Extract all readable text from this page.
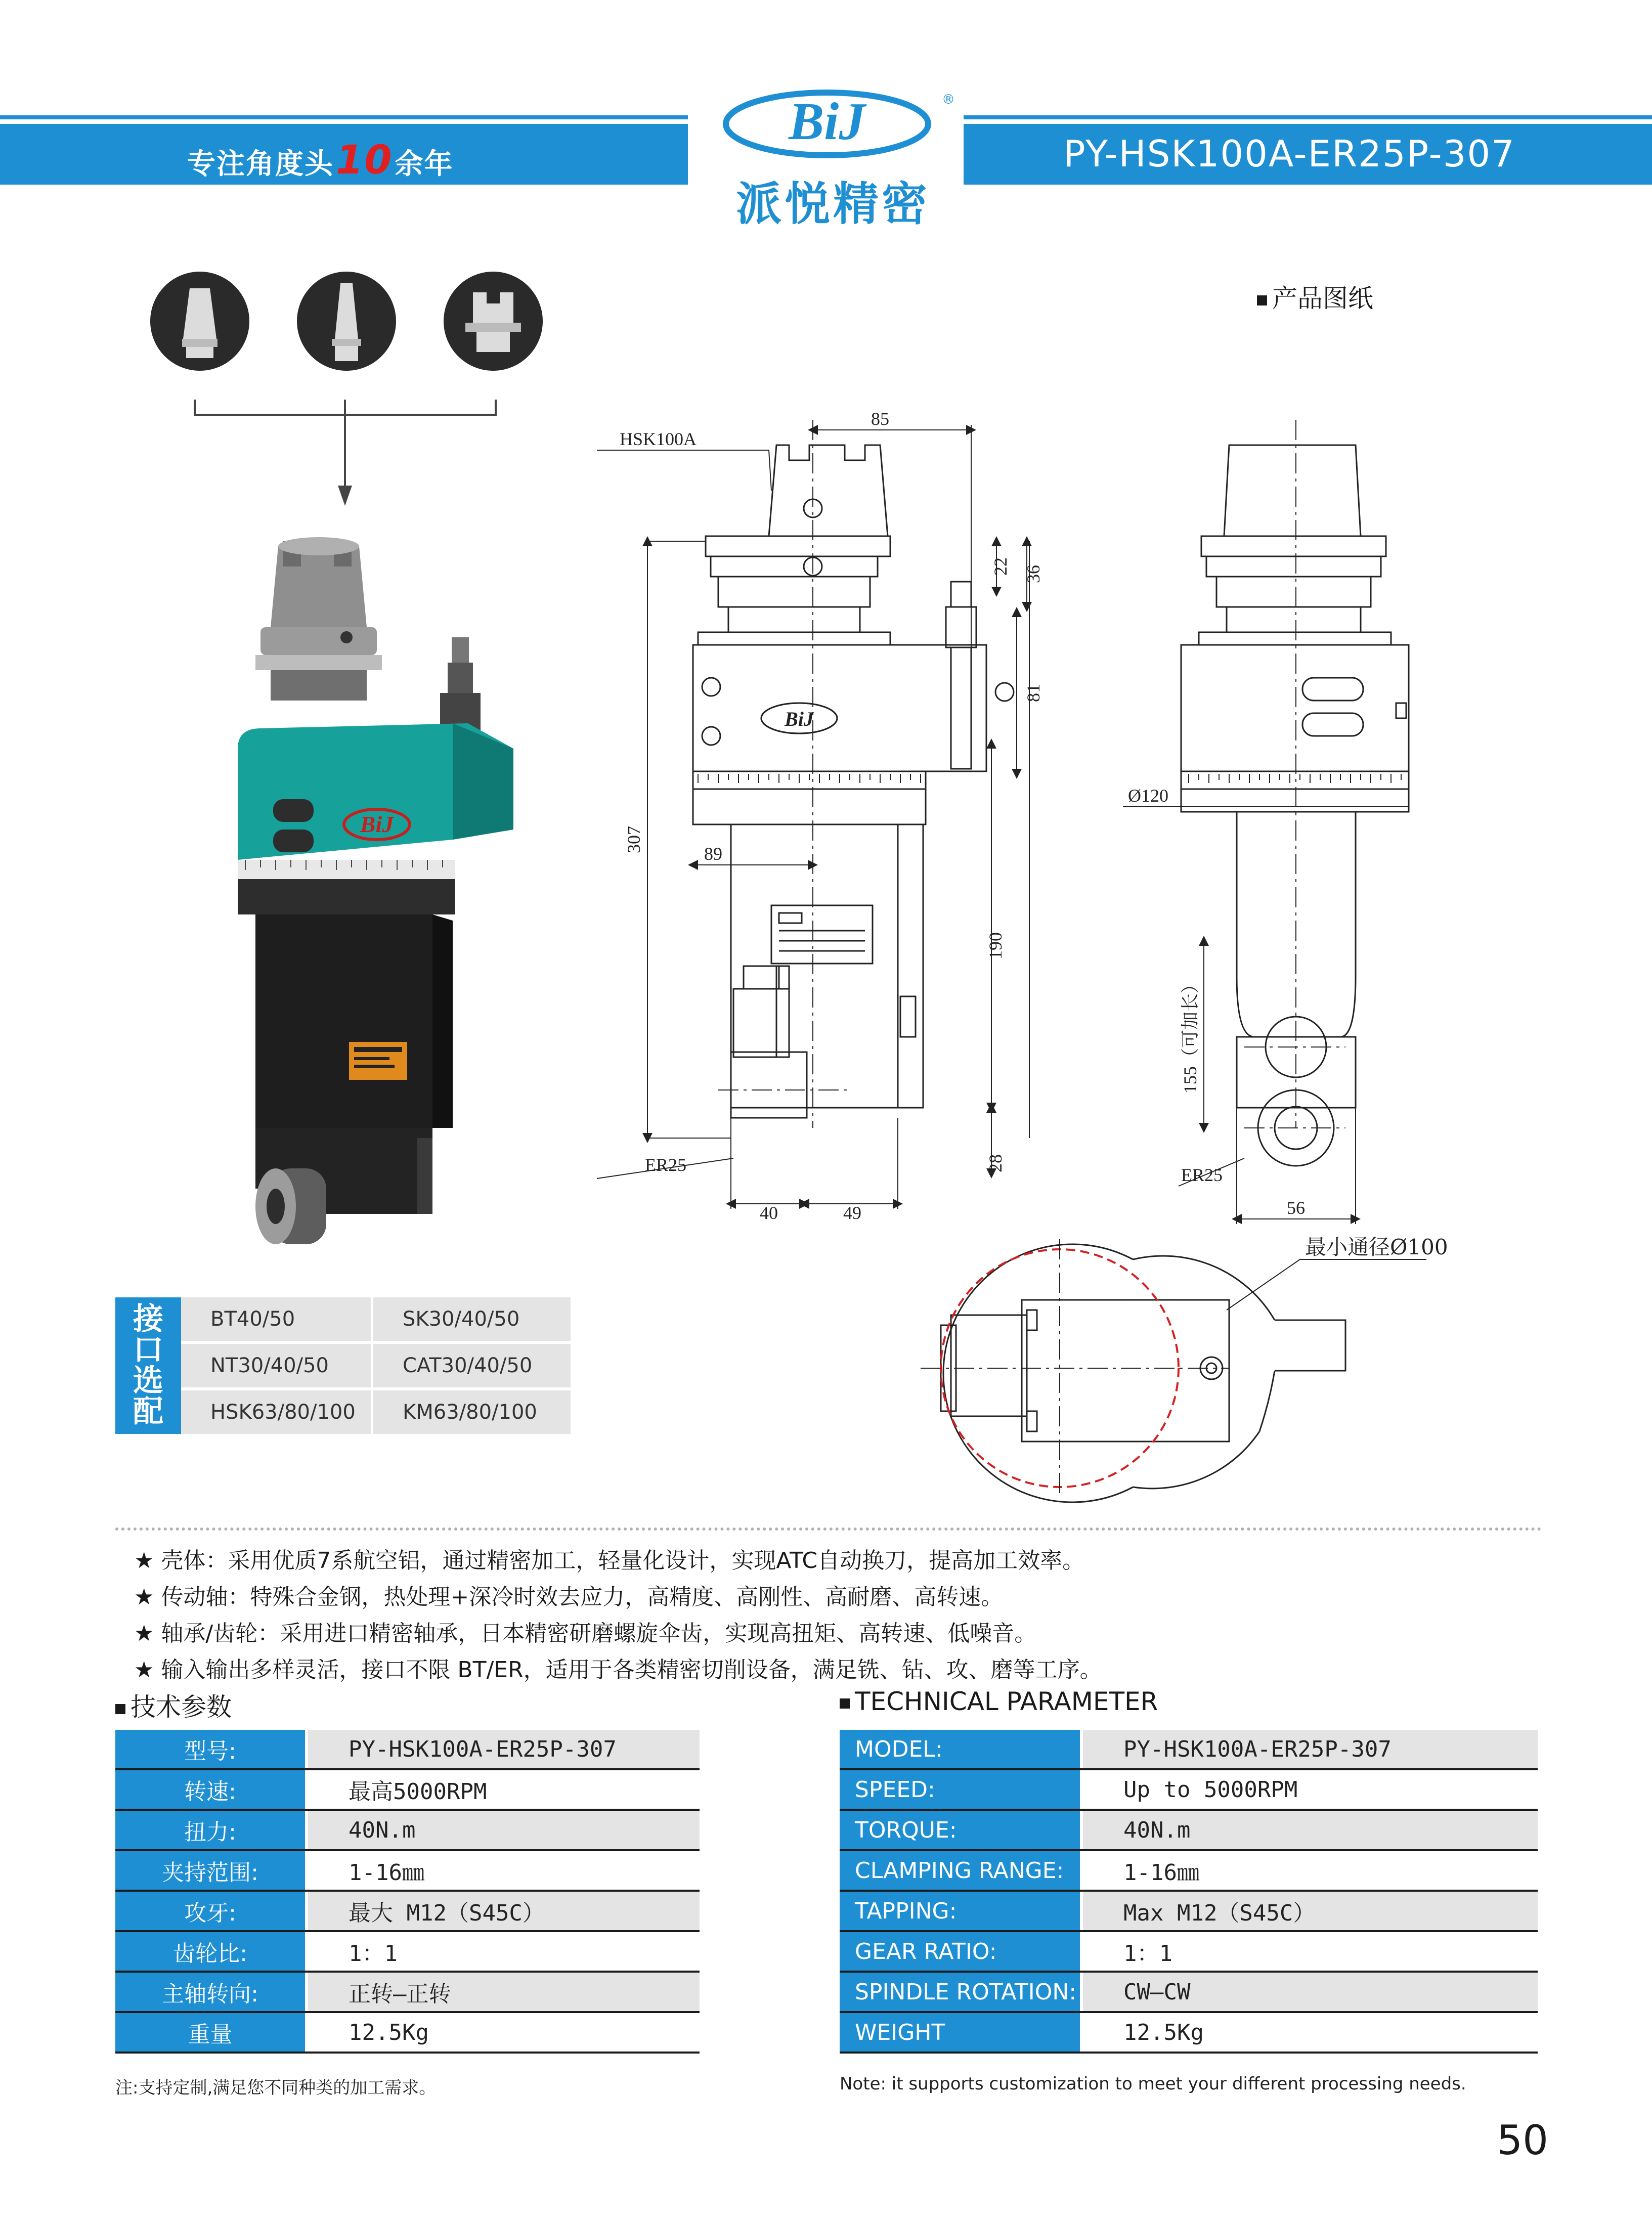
专注角度头10余年
BiJ	®
派悦精密
PY-HSK100A-ER25P-307
BiJ
产品图纸
BiJ
85
22 36
81
307
89
190
28
40	49	56
155（可加长）
HSK100A
ER25	ER25
Ø120
最小通径Ø100
接
口
选
配
BT40/50	SK30/40/50
NT30/40/50	CAT30/40/50
HSK63/80/100	KM63/80/100
★ 壳体：采用优质7系航空铝，通过精密加工，轻量化设计，实现ATC自动换刀，提高加工效率。
★ 传动轴：特殊合金钢，热处理+深冷时效去应力，高精度、高刚性、高耐磨、高转速。
★ 轴承/齿轮：采用进口精密轴承，日本精密研磨螺旋伞齿，实现高扭矩、高转速、低噪音。
★ 输入输出多样灵活，接口不限 BT/ER，适用于各类精密切削设备，满足铣、钻、攻、磨等工序。
技术参数	TECHNICAL PARAMETER
型号:	PY-HSK100A-ER25P-307
转速:	最高5000RPM
扭力:	40N.m
夹持范围:	1-16㎜
攻牙:	最大 M12（S45C）
齿轮比:	1：1
主轴转向:	正转—正转
重量	12.5Kg
MODEL:	PY-HSK100A-ER25P-307
SPEED:	Up to 5000RPM
TORQUE:	40N.m
CLAMPING RANGE:	1-16㎜
TAPPING:	Max M12（S45C）
GEAR RATIO:	1：1
SPINDLE ROTATION:	CW—CW
WEIGHT	12.5Kg
注:支持定制,满足您不同种类的加工需求。	Note: it supports customization to meet your different processing needs.
50
